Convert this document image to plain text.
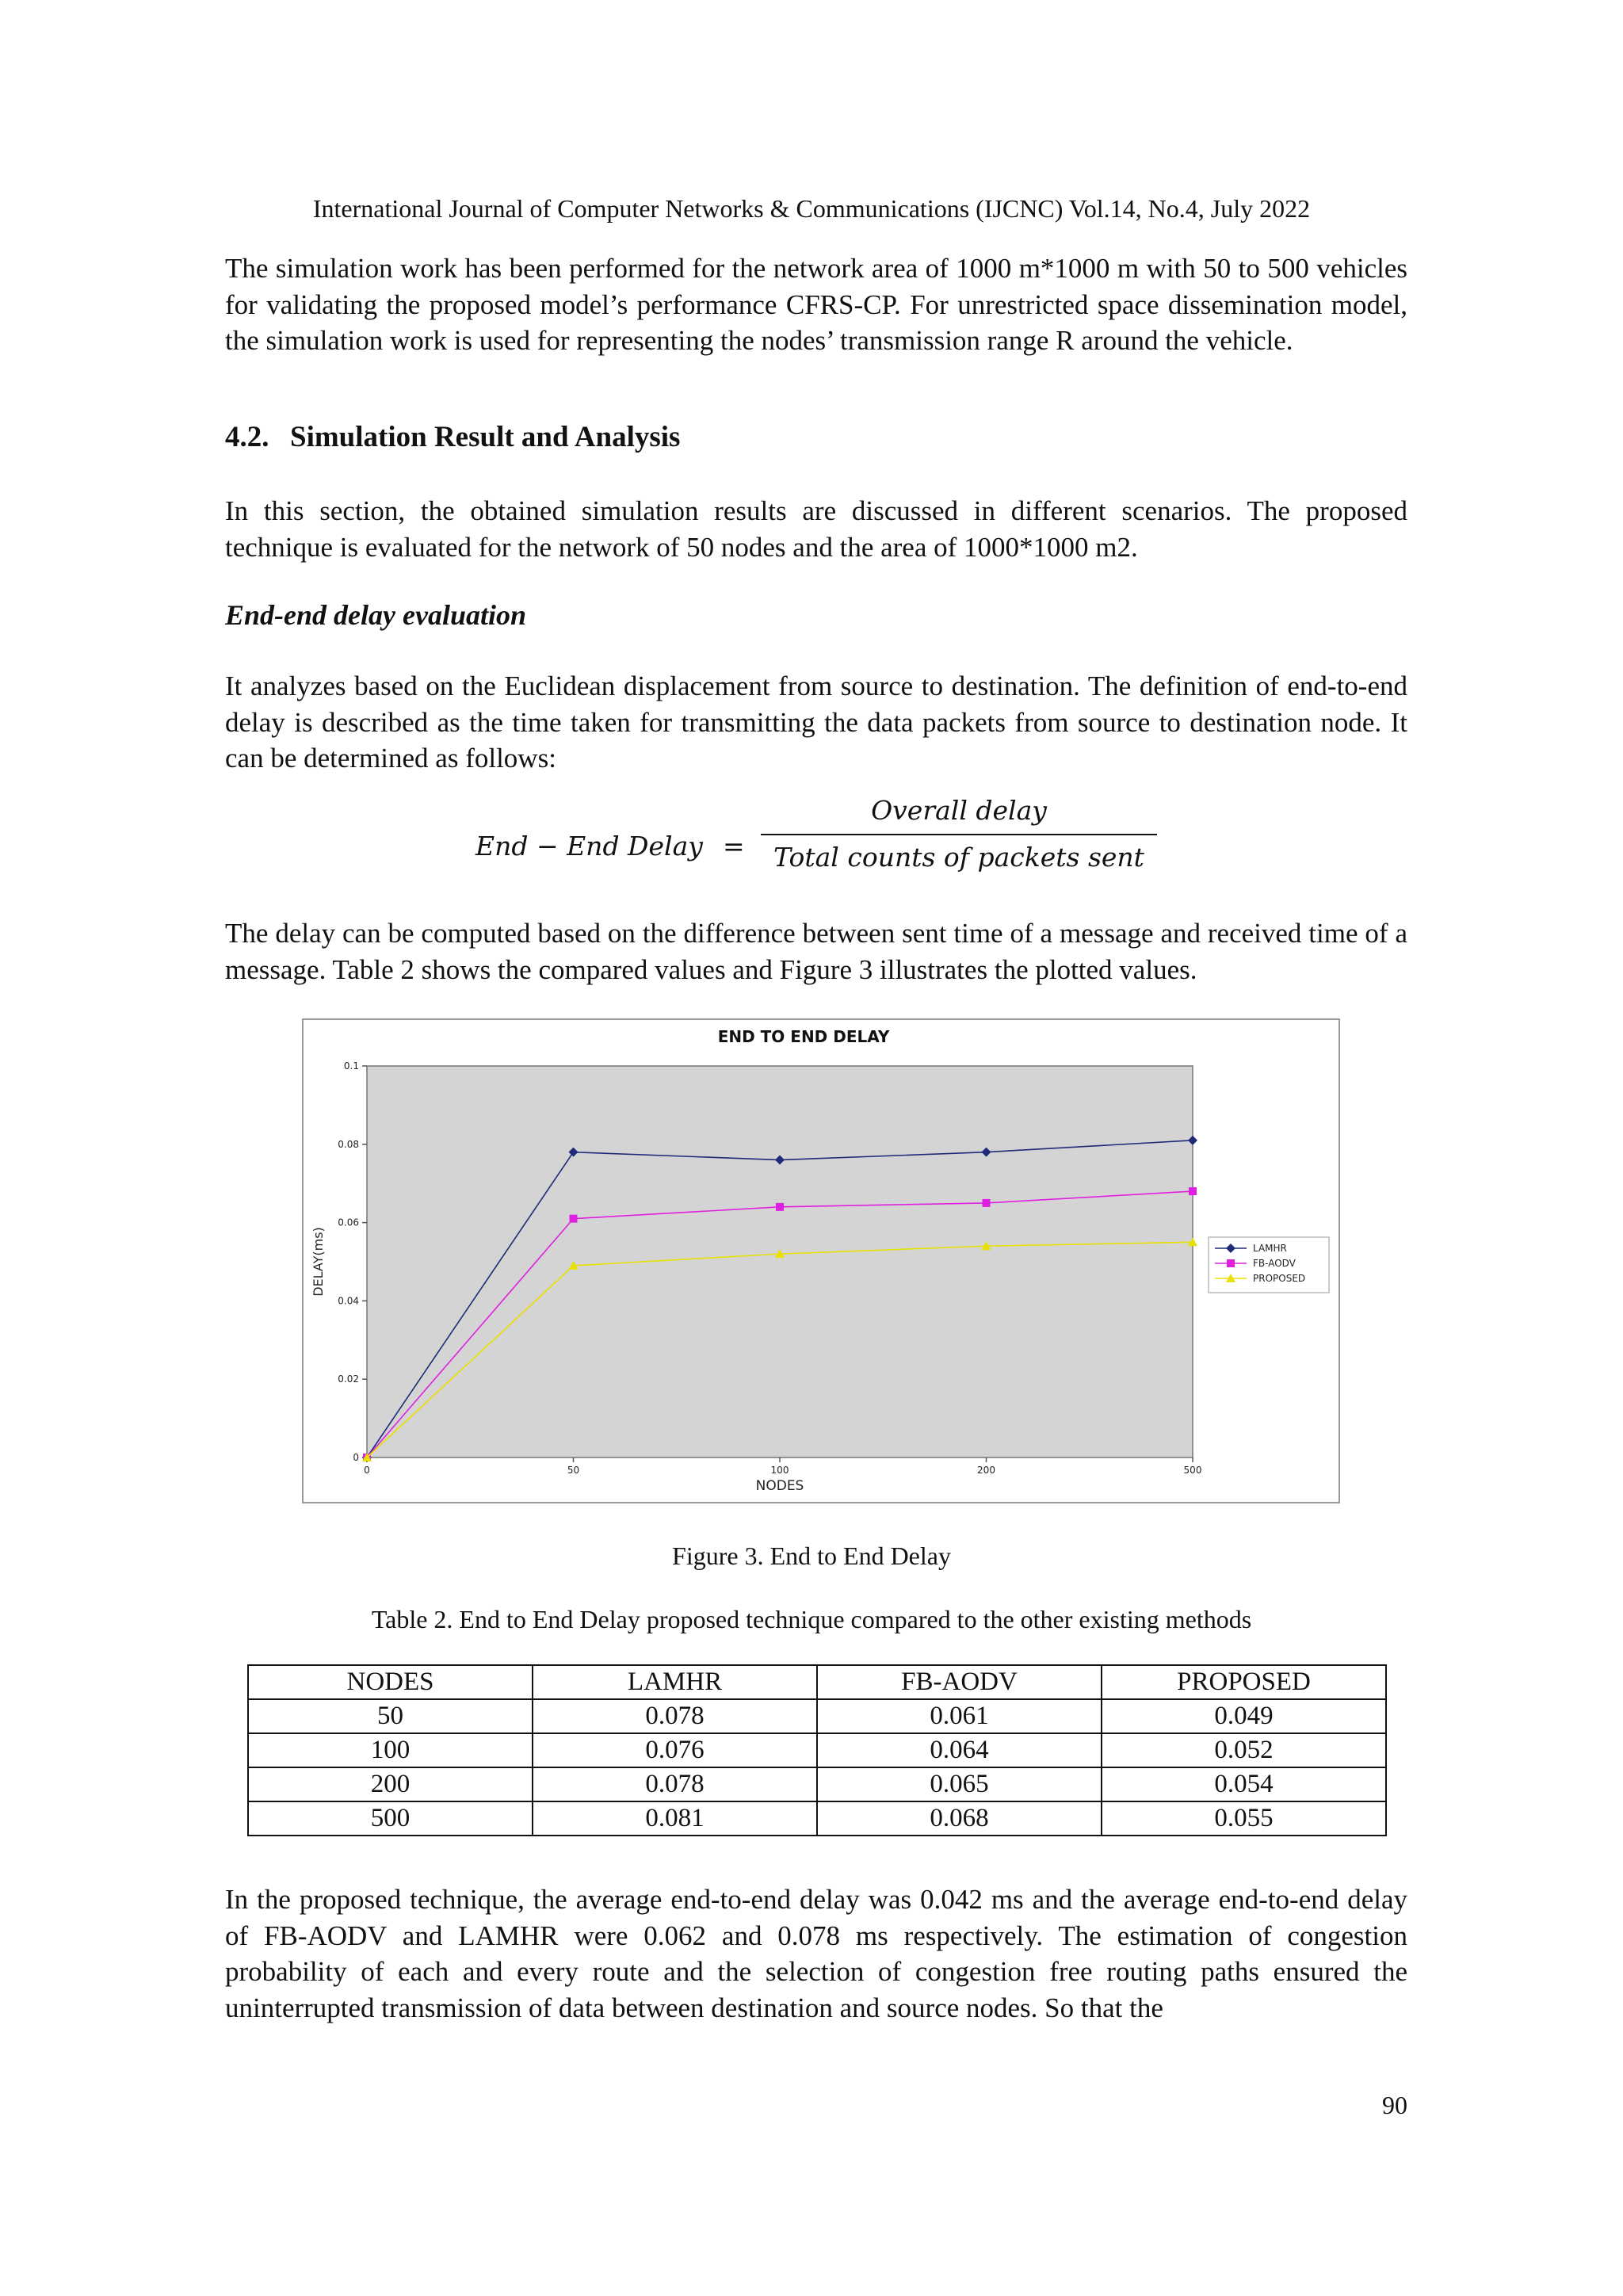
International Journal of Computer Networks & Communications (IJCNC) Vol.14, No.4, July 2022
The simulation work has been performed for the network area of 1000 m*1000 m with 50 to 500 vehicles for validating the proposed model’s performance CFRS-CP. For unrestricted space dissemination model, the simulation work is used for representing the nodes’ transmission range R around the vehicle.
4.2. Simulation Result and Analysis
In this section, the obtained simulation results are discussed in different scenarios. The proposed technique is evaluated for the network of 50 nodes and the area of 1000*1000 m2.
End-end delay evaluation
It analyzes based on the Euclidean displacement from source to destination. The definition of end-to-end delay is described as the time taken for transmitting the data packets from source to destination node. It can be determined as follows:
End − End Delay =
Overall delay
Total counts of packets sent
The delay can be computed based on the difference between sent time of a message and received time of a message. Table 2 shows the compared values and Figure 3 illustrates the plotted values.
END TO END DELAY
0
0.02
0.04
0.06
0.08
0.1
0	50	100	200	500
NODES
DELAY(ms)	LAMHR
FB-AODV
PROPOSED
Figure 3. End to End Delay
Table 2. End to End Delay proposed technique compared to the other existing methods
NODES	LAMHR	FB-AODV	PROPOSED
50	0.078	0.061	0.049
100	0.076	0.064	0.052
200	0.078	0.065	0.054
500	0.081	0.068	0.055
In the proposed technique, the average end-to-end delay was 0.042 ms and the average end-to-end delay of FB-AODV and LAMHR were 0.062 and 0.078 ms respectively. The estimation of congestion probability of each and every route and the selection of congestion free routing paths ensured the uninterrupted transmission of data between destination and source nodes. So that the
90
